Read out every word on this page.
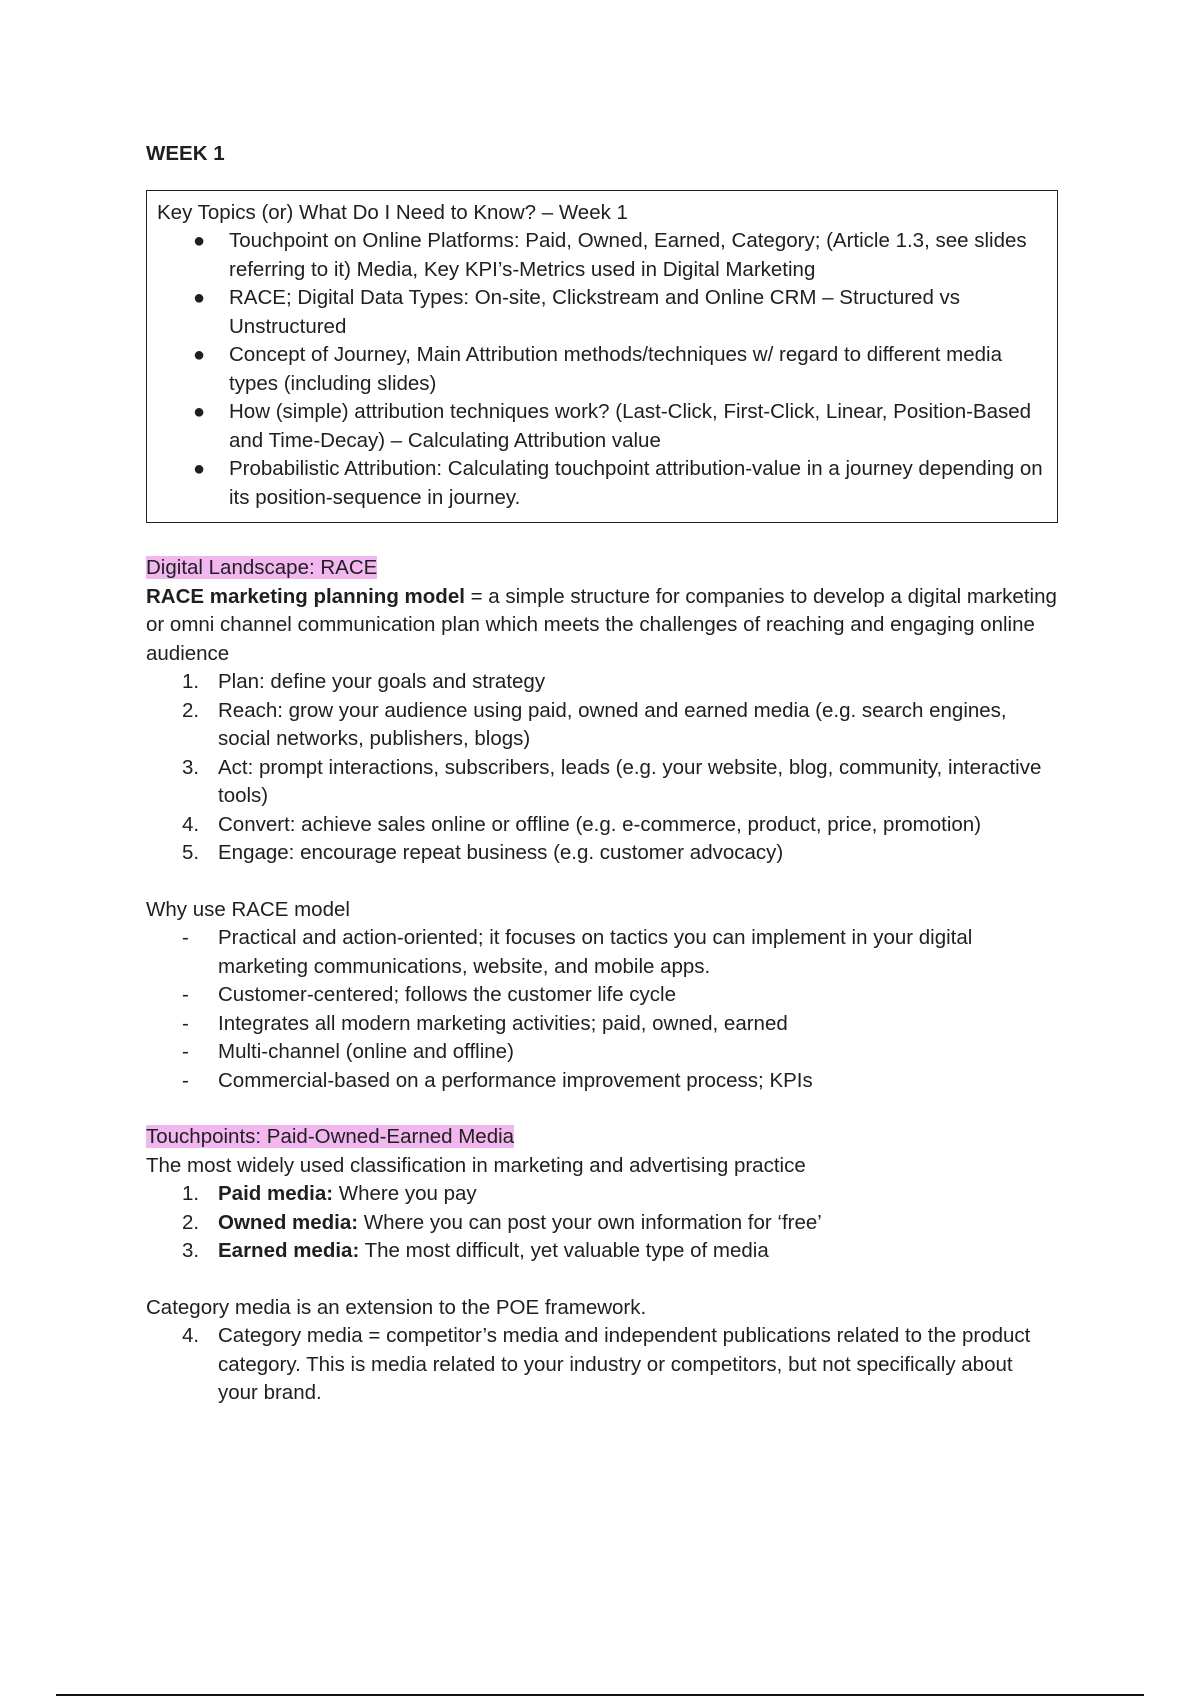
WEEK 1
Key Topics (or) What Do I Need to Know? – Week 1
● Touchpoint on Online Platforms: Paid, Owned, Earned, Category; (Article 1.3, see slides referring to it) Media, Key KPI’s-Metrics used in Digital Marketing
● RACE; Digital Data Types: On-site, Clickstream and Online CRM – Structured vs Unstructured
● Concept of Journey, Main Attribution methods/techniques w/ regard to different media types (including slides)
● How (simple) attribution techniques work? (Last-Click, First-Click, Linear, Position-Based and Time-Decay) – Calculating Attribution value
● Probabilistic Attribution: Calculating touchpoint attribution-value in a journey depending on its position-sequence in journey.
Digital Landscape: RACE

RACE marketing planning model = a simple structure for companies to develop a digital marketing or omni channel communication plan which meets the challenges of reaching and engaging online audience

1. Plan: define your goals and strategy
2. Reach: grow your audience using paid, owned and earned media (e.g. search engines, social networks, publishers, blogs)
3. Act: prompt interactions, subscribers, leads (e.g. your website, blog, community, interactive tools)
4. Convert: achieve sales online or offline (e.g. e-commerce, product, price, promotion)
5. Engage: encourage repeat business (e.g. customer advocacy)

Why use RACE model

- Practical and action-oriented; it focuses on tactics you can implement in your digital marketing communications, website, and mobile apps.
- Customer-centered; follows the customer life cycle
- Integrates all modern marketing activities; paid, owned, earned
- Multi-channel (online and offline)
- Commercial-based on a performance improvement process; KPIs
Touchpoints: Paid-Owned-Earned Media

The most widely used classification in marketing and advertising practice

1. Paid media: Where you pay
2. Owned media: Where you can post your own information for ‘free’
3. Earned media: The most difficult, yet valuable type of media

Category media is an extension to the POE framework.

4. Category media = competitor’s media and independent publications related to the product category. This is media related to your industry or competitors, but not specifically about your brand.
